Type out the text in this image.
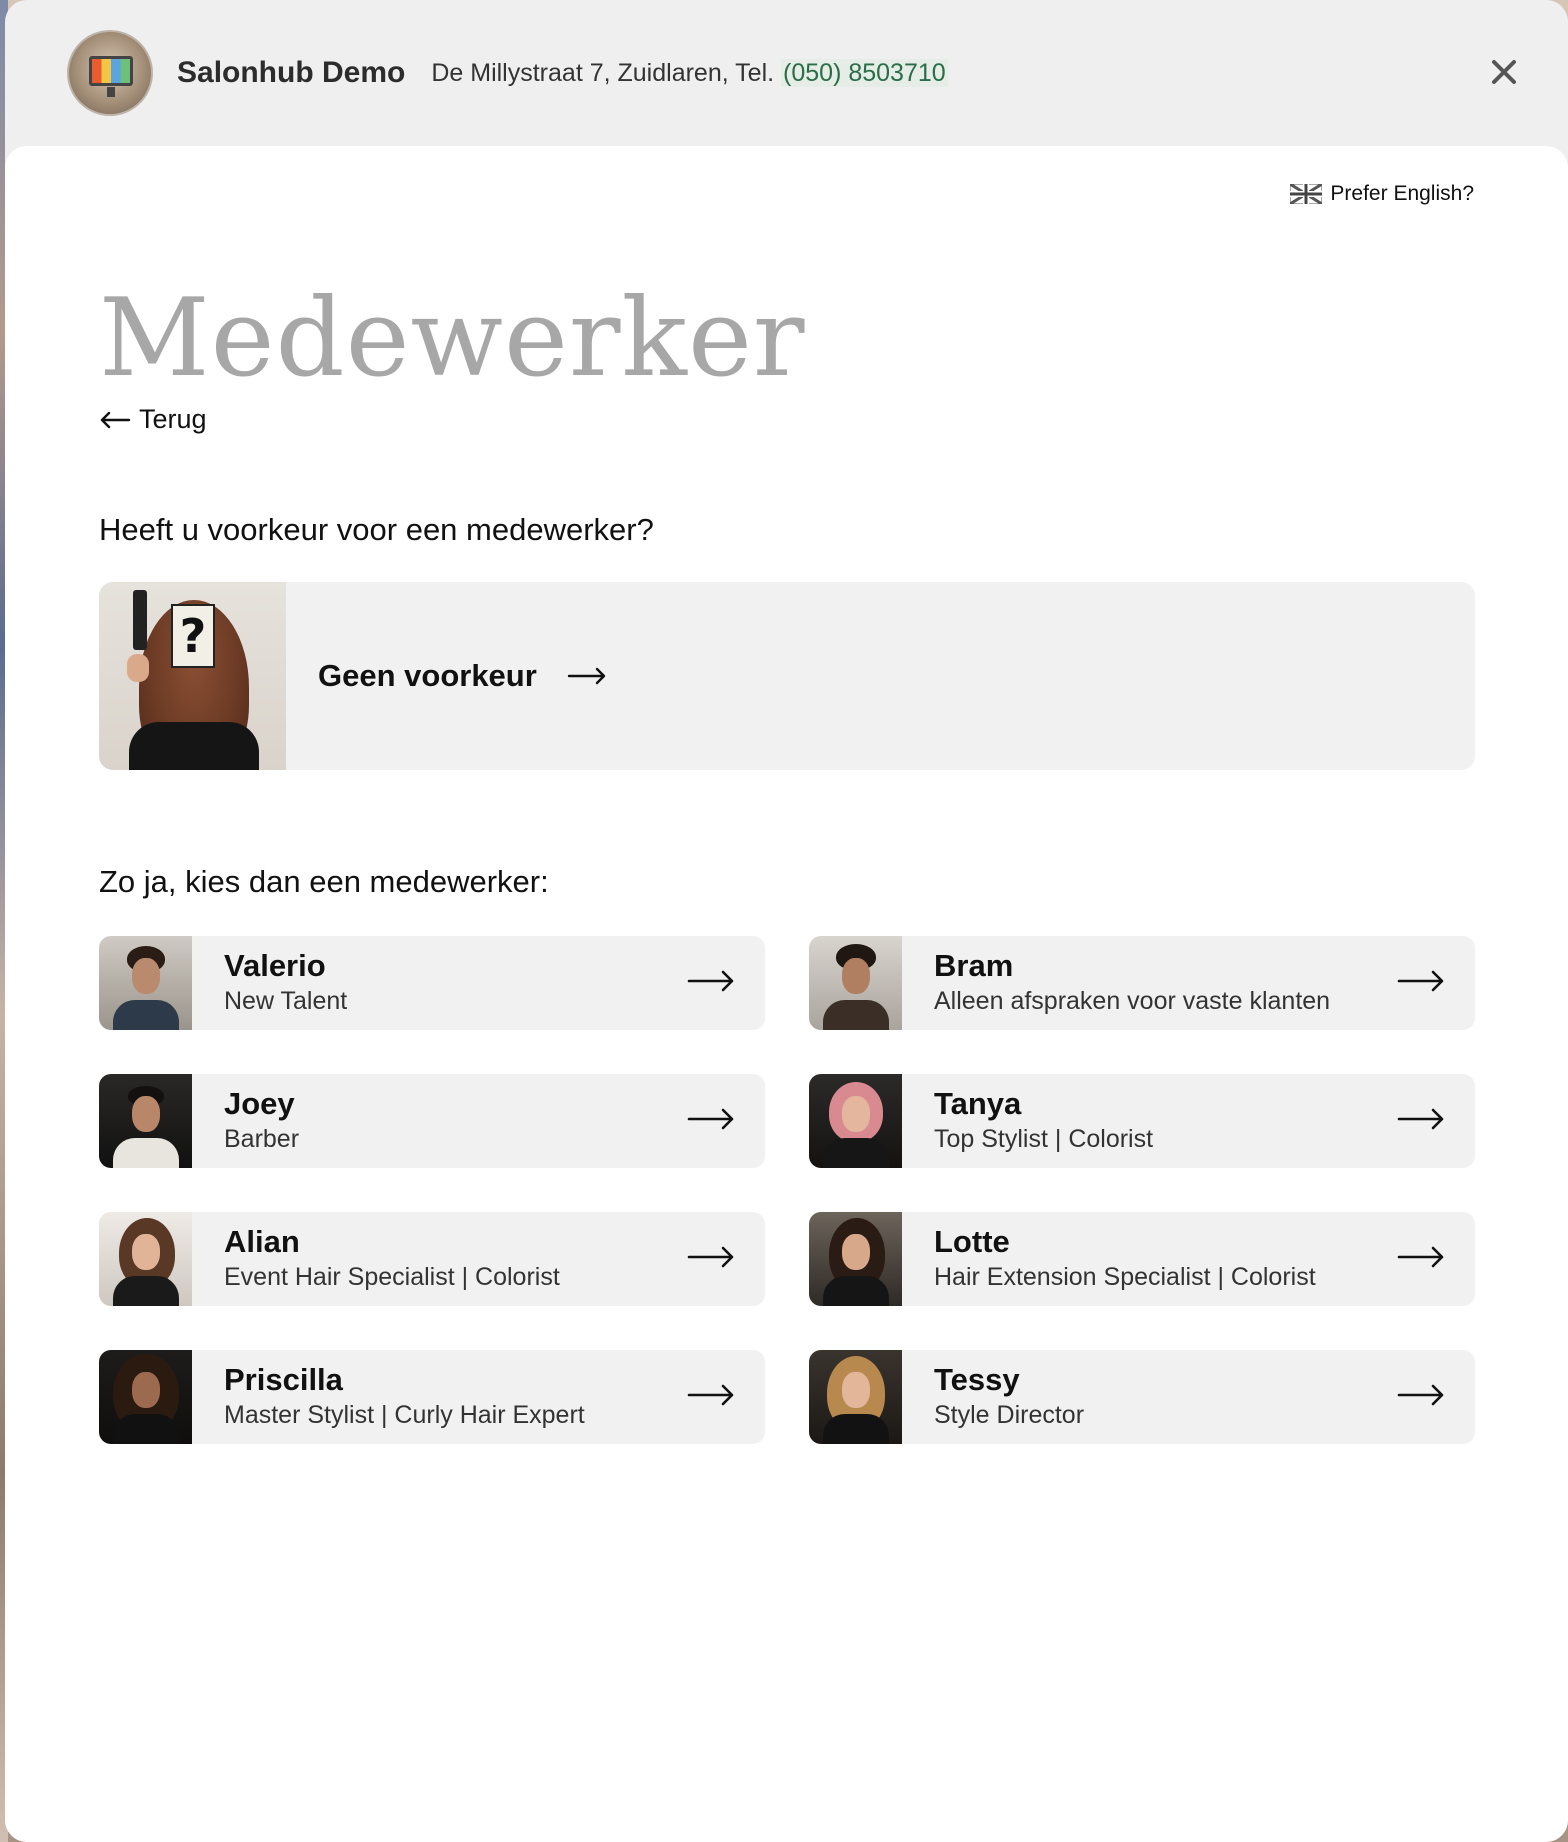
Salonhub Demo De Millystraat 7, Zuidlaren, Tel. (050) 8503710
Prefer English?
Medewerker
Terug
Heeft u voorkeur voor een medewerker?
?
Geen voorkeur
Zo ja, kies dan een medewerker:
Valerio
New Talent
Bram
Alleen afspraken voor vaste klanten
Joey
Barber
Tanya
Top Stylist | Colorist
Alian
Event Hair Specialist | Colorist
Lotte
Hair Extension Specialist | Colorist
Priscilla
Master Stylist | Curly Hair Expert
Tessy
Style Director
